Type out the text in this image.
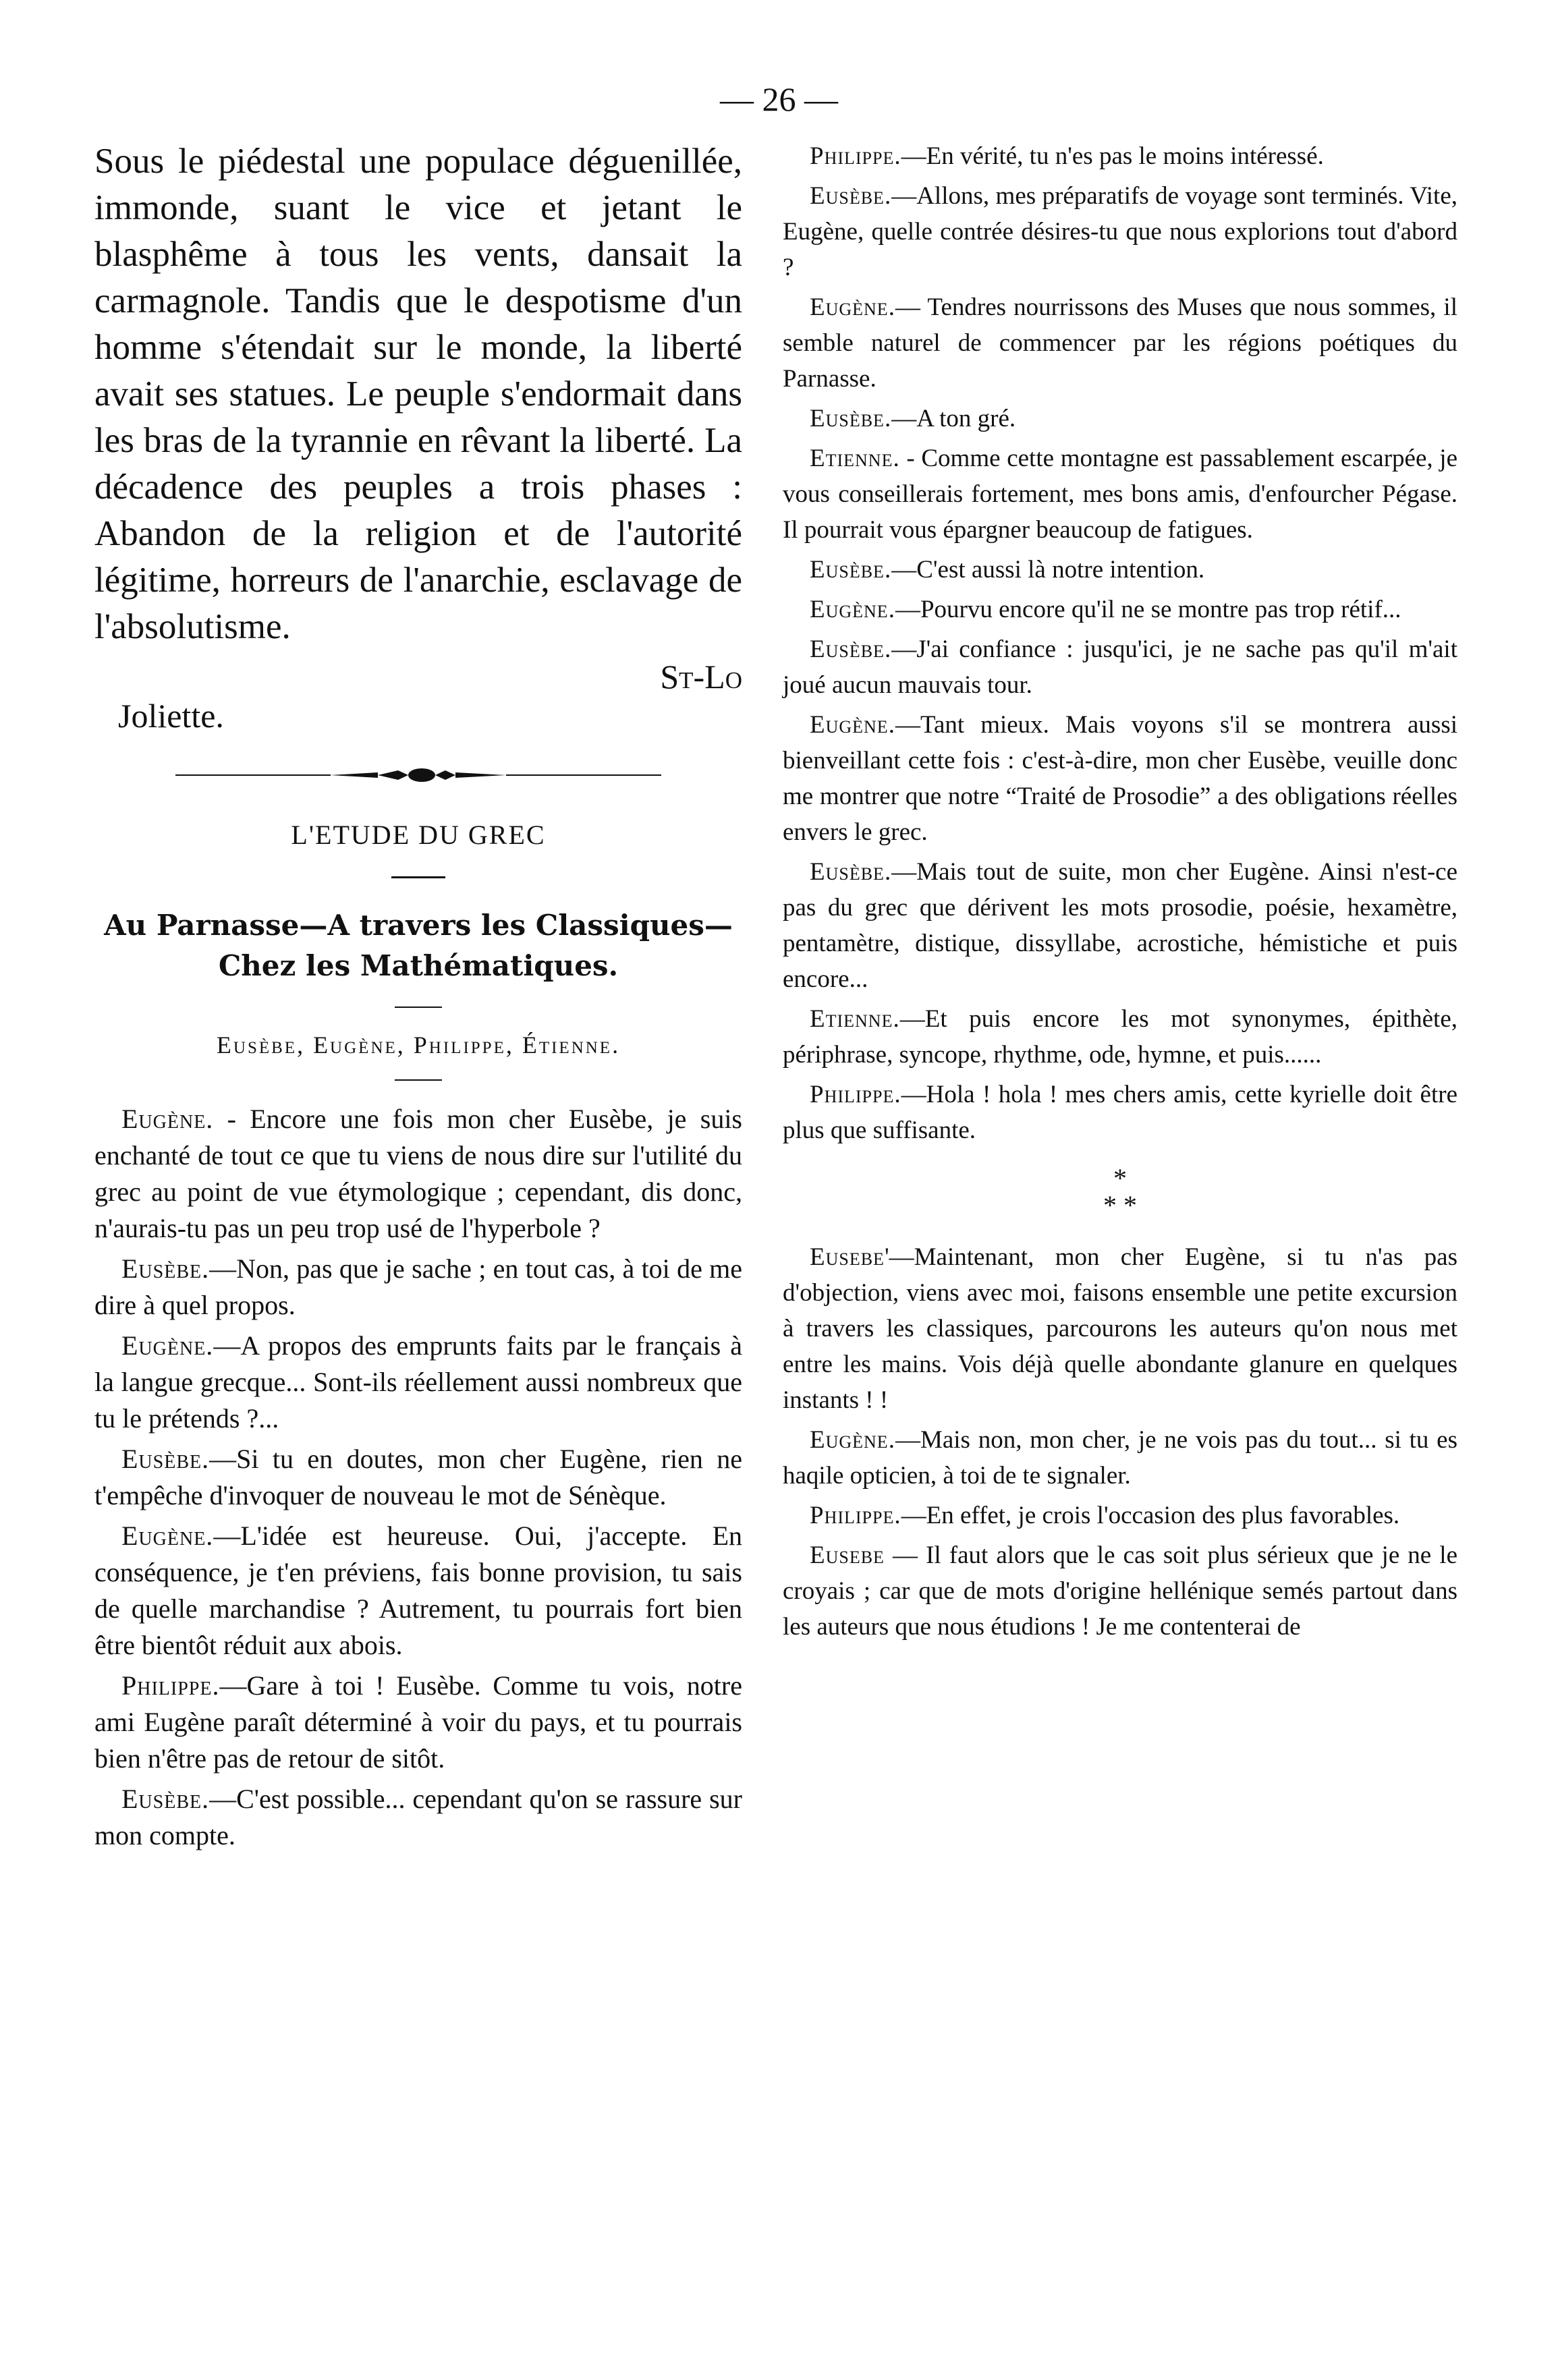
— 26 —

Sous le piédestal une populace déguenillée, immonde, suant le vice et jetant le blasphême à tous les vents, dansait la carmagnole. Tandis que le despotisme d'un homme s'étendait sur le monde, la liberté avait ses statues. Le peuple s'endormait dans les bras de la tyrannie en rêvant la liberté. La décadence des peuples a trois phases : Abandon de la religion et de l'autorité légitime, horreurs de l'anarchie, esclavage de l'absolutisme.

St-Lo
Joliette.
L'ETUDE DU GREC
Au Parnasse—A travers les Classiques—
Chez les Mathématiques.
Eusèbe, Eugène, Philippe, Étienne.

Eugène. - Encore une fois mon cher Eusèbe, je suis enchanté de tout ce que tu viens de nous dire sur l'utilité du grec au point de vue étymologique ; cependant, dis donc, n'aurais-tu pas un peu trop usé de l'hyperbole ?

Eusèbe.—Non, pas que je sache ; en tout cas, à toi de me dire à quel propos.

Eugène.—A propos des emprunts faits par le français à la langue grecque... Sont-ils réellement aussi nombreux que tu le prétends ?...

Eusèbe.—Si tu en doutes, mon cher Eugène, rien ne t'empêche d'invoquer de nouveau le mot de Sénèque.

Eugène.—L'idée est heureuse. Oui, j'accepte. En conséquence, je t'en préviens, fais bonne provision, tu sais de quelle marchandise ? Autrement, tu pourrais fort bien être bientôt réduit aux abois.

Philippe.—Gare à toi ! Eusèbe. Comme tu vois, notre ami Eugène paraît déterminé à voir du pays, et tu pourrais bien n'être pas de retour de sitôt.

Eusèbe.—C'est possible... cependant qu'on se rassure sur mon compte.

Philippe.—En vérité, tu n'es pas le moins intéressé.

Eusèbe.—Allons, mes préparatifs de voyage sont terminés. Vite, Eugène, quelle contrée désires-tu que nous explorions tout d'abord ?

Eugène.— Tendres nourrissons des Muses que nous sommes, il semble naturel de commencer par les régions poétiques du Parnasse.

Eusèbe.—A ton gré.

Etienne. - Comme cette montagne est passablement escarpée, je vous conseillerais fortement, mes bons amis, d'enfourcher Pégase. Il pourrait vous épargner beaucoup de fatigues.

Eusèbe.—C'est aussi là notre intention.

Eugène.—Pourvu encore qu'il ne se montre pas trop rétif...

Eusèbe.—J'ai confiance : jusqu'ici, je ne sache pas qu'il m'ait joué aucun mauvais tour.

Eugène.—Tant mieux. Mais voyons s'il se montrera aussi bienveillant cette fois : c'est-à-dire, mon cher Eusèbe, veuille donc me montrer que notre “Traité de Prosodie” a des obligations réelles envers le grec.

Eusèbe.—Mais tout de suite, mon cher Eugène. Ainsi n'est-ce pas du grec que dérivent les mots prosodie, poésie, hexamètre, pentamètre, distique, dissyllabe, acrostiche, hémistiche et puis encore...

Etienne.—Et puis encore les mot synonymes, épithète, périphrase, syncope, rhythme, ode, hymne, et puis......

Philippe.—Hola ! hola ! mes chers amis, cette kyrielle doit être plus que suffisante.

*
* *

Eusebe'—Maintenant, mon cher Eugène, si tu n'as pas d'objection, viens avec moi, faisons ensemble une petite excursion à travers les classiques, parcourons les auteurs qu'on nous met entre les mains. Vois déjà quelle abondante glanure en quelques instants ! !

Eugène.—Mais non, mon cher, je ne vois pas du tout... si tu es haqile opticien, à toi de te signaler.

Philippe.—En effet, je crois l'occasion des plus favorables.

Eusebe — Il faut alors que le cas soit plus sérieux que je ne le croyais ; car que de mots d'origine hellénique semés partout dans les auteurs que nous étudions ! Je me contenterai de
